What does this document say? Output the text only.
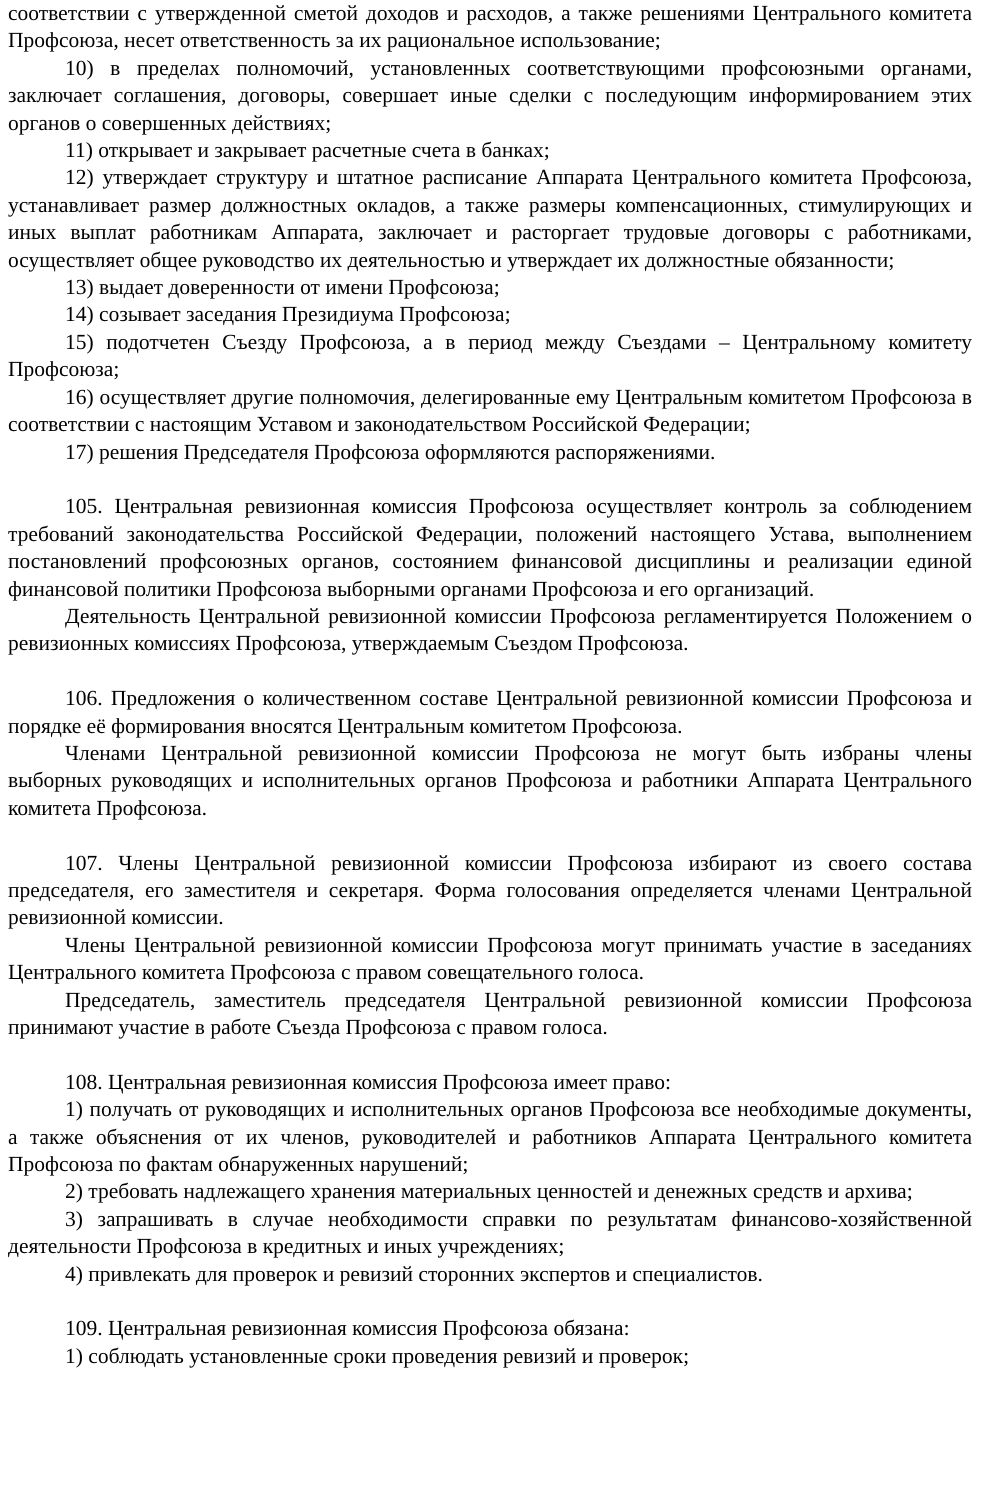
соответствии с утвержденной сметой доходов и расходов, а также решениями Центрального комитета Профсоюза, несет ответственность за их рациональное использование;

10) в пределах полномочий, установленных соответствующими профсоюзными органами, заключает соглашения, договоры, совершает иные сделки с последующим информированием этих органов о совершенных действиях;

11) открывает и закрывает расчетные счета в банках;

12) утверждает структуру и штатное расписание Аппарата Центрального комитета Профсоюза, устанавливает размер должностных окладов, а также размеры компенсационных, стимулирующих и иных выплат работникам Аппарата, заключает и расторгает трудовые договоры с работниками, осуществляет общее руководство их деятельностью и утверждает их должностные обязанности;

13) выдает доверенности от имени Профсоюза;

14) созывает заседания Президиума Профсоюза;

15) подотчетен Съезду Профсоюза, а в период между Съездами – Центральному комитету Профсоюза;

16) осуществляет другие полномочия, делегированные ему Центральным комитетом Профсоюза в соответствии с настоящим Уставом и законодательством Российской Федерации;

17) решения Председателя Профсоюза оформляются распоряжениями.

105. Центральная ревизионная комиссия Профсоюза осуществляет контроль за соблюдением требований законодательства Российской Федерации, положений настоящего Устава, выполнением постановлений профсоюзных органов, состоянием финансовой дисциплины и реализации единой финансовой политики Профсоюза выборными органами Профсоюза и его организаций.

Деятельность Центральной ревизионной комиссии Профсоюза регламентируется Положением о ревизионных комиссиях Профсоюза, утверждаемым Съездом Профсоюза.

106. Предложения о количественном составе Центральной ревизионной комиссии Профсоюза и порядке её формирования вносятся Центральным комитетом Профсоюза.

Членами Центральной ревизионной комиссии Профсоюза не могут быть избраны члены выборных руководящих и исполнительных органов Профсоюза и работники Аппарата Центрального комитета Профсоюза.

107. Члены Центральной ревизионной комиссии Профсоюза избирают из своего состава председателя, его заместителя и секретаря. Форма голосования определяется членами Центральной ревизионной комиссии.

Члены Центральной ревизионной комиссии Профсоюза могут принимать участие в заседаниях Центрального комитета Профсоюза с правом совещательного голоса.

Председатель, заместитель председателя Центральной ревизионной комиссии Профсоюза принимают участие в работе Съезда Профсоюза с правом голоса.

108. Центральная ревизионная комиссия Профсоюза имеет право:

1) получать от руководящих и исполнительных органов Профсоюза все необходимые документы, а также объяснения от их членов, руководителей и работников Аппарата Центрального комитета Профсоюза по фактам обнаруженных нарушений;

2) требовать надлежащего хранения материальных ценностей и денежных средств и архива;

3) запрашивать в случае необходимости справки по результатам финансово-хозяйственной деятельности Профсоюза в кредитных и иных учреждениях;

4) привлекать для проверок и ревизий сторонних экспертов и специалистов.

109. Центральная ревизионная комиссия Профсоюза обязана:

1) соблюдать установленные сроки проведения ревизий и проверок;
